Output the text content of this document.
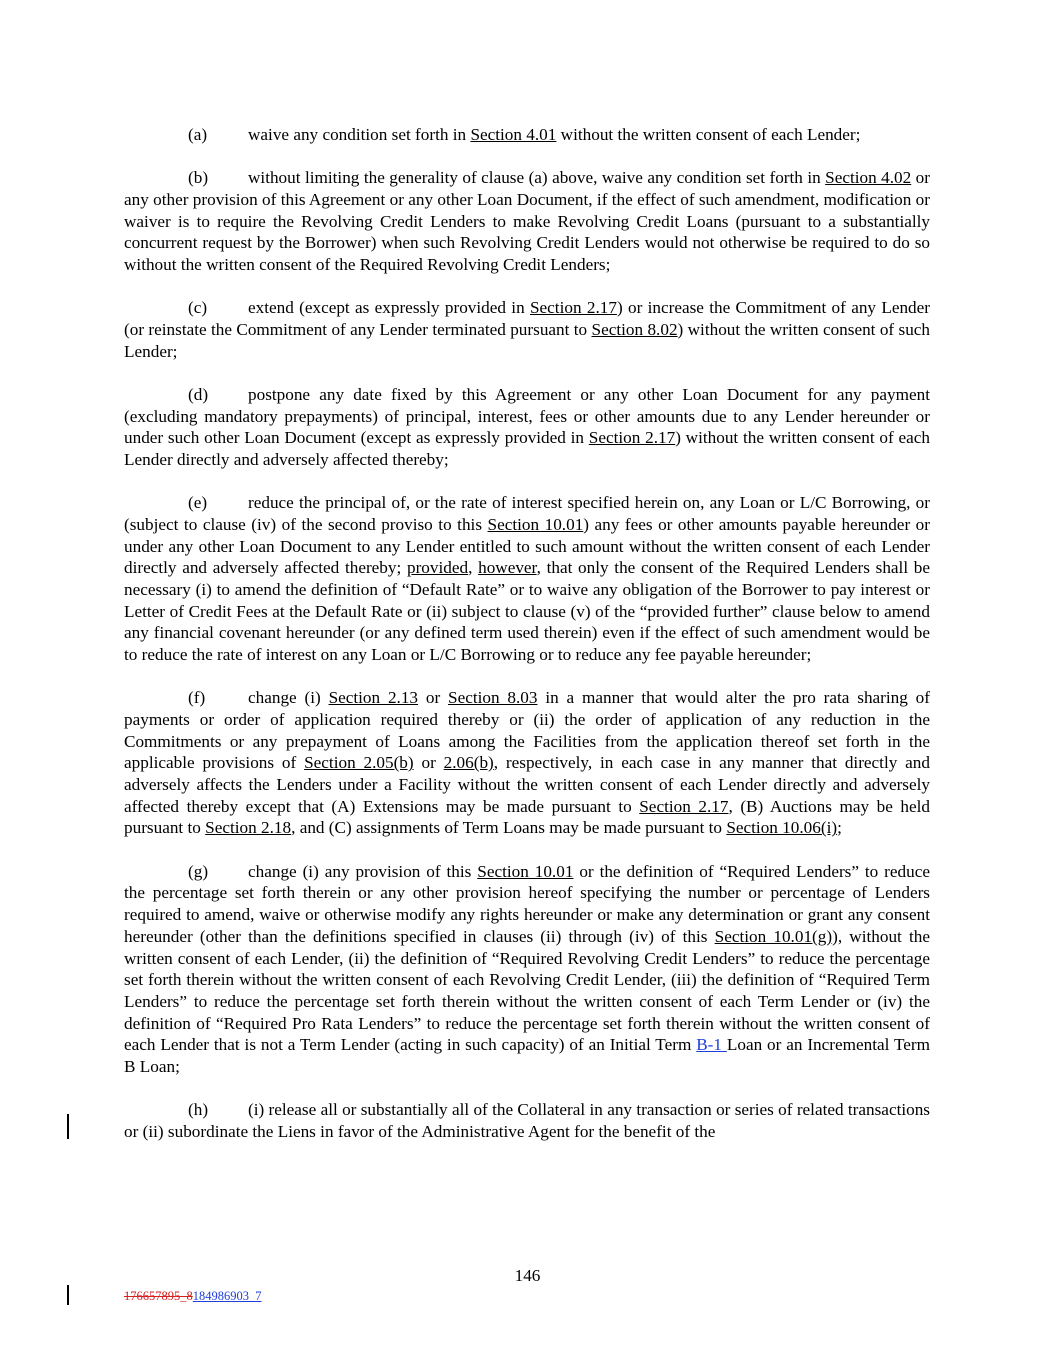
(a) waive any condition set forth in Section 4.01 without the written consent of each Lender;

(b) without limiting the generality of clause (a) above, waive any condition set forth in Section 4.02 or any other provision of this Agreement or any other Loan Document, if the effect of such amendment, modification or waiver is to require the Revolving Credit Lenders to make Revolving Credit Loans (pursuant to a substantially concurrent request by the Borrower) when such Revolving Credit Lenders would not otherwise be required to do so without the written consent of the Required Revolving Credit Lenders;

(c) extend (except as expressly provided in Section 2.17) or increase the Commitment of any Lender (or reinstate the Commitment of any Lender terminated pursuant to Section 8.02) without the written consent of such Lender;

(d) postpone any date fixed by this Agreement or any other Loan Document for any payment (excluding mandatory prepayments) of principal, interest, fees or other amounts due to any Lender hereunder or under such other Loan Document (except as expressly provided in Section 2.17) without the written consent of each Lender directly and adversely affected thereby;

(e) reduce the principal of, or the rate of interest specified herein on, any Loan or L/C Borrowing, or (subject to clause (iv) of the second proviso to this Section 10.01) any fees or other amounts payable hereunder or under any other Loan Document to any Lender entitled to such amount without the written consent of each Lender directly and adversely affected thereby; provided, however, that only the consent of the Required Lenders shall be necessary (i) to amend the definition of “Default Rate” or to waive any obligation of the Borrower to pay interest or Letter of Credit Fees at the Default Rate or (ii) subject to clause (v) of the “provided further” clause below to amend any financial covenant hereunder (or any defined term used therein) even if the effect of such amendment would be to reduce the rate of interest on any Loan or L/C Borrowing or to reduce any fee payable hereunder;

(f) change (i) Section 2.13 or Section 8.03 in a manner that would alter the pro rata sharing of payments or order of application required thereby or (ii) the order of application of any reduction in the Commitments or any prepayment of Loans among the Facilities from the application thereof set forth in the applicable provisions of Section 2.05(b) or 2.06(b), respectively, in each case in any manner that directly and adversely affects the Lenders under a Facility without the written consent of each Lender directly and adversely affected thereby except that (A) Extensions may be made pursuant to Section 2.17, (B) Auctions may be held pursuant to Section 2.18, and (C) assignments of Term Loans may be made pursuant to Section 10.06(i);

(g) change (i) any provision of this Section 10.01 or the definition of “Required Lenders” to reduce the percentage set forth therein or any other provision hereof specifying the number or percentage of Lenders required to amend, waive or otherwise modify any rights hereunder or make any determination or grant any consent hereunder (other than the definitions specified in clauses (ii) through (iv) of this Section 10.01(g)), without the written consent of each Lender, (ii) the definition of “Required Revolving Credit Lenders” to reduce the percentage set forth therein without the written consent of each Revolving Credit Lender, (iii) the definition of “Required Term Lenders” to reduce the percentage set forth therein without the written consent of each Term Lender or (iv) the definition of “Required Pro Rata Lenders” to reduce the percentage set forth therein without the written consent of each Lender that is not a Term Lender (acting in such capacity) of an Initial Term B-1 Loan or an Incremental Term B Loan;

(h) (i) release all or substantially all of the Collateral in any transaction or series of related transactions or (ii) subordinate the Liens in favor of the Administrative Agent for the benefit of the

146
176657895_8184986903_7
